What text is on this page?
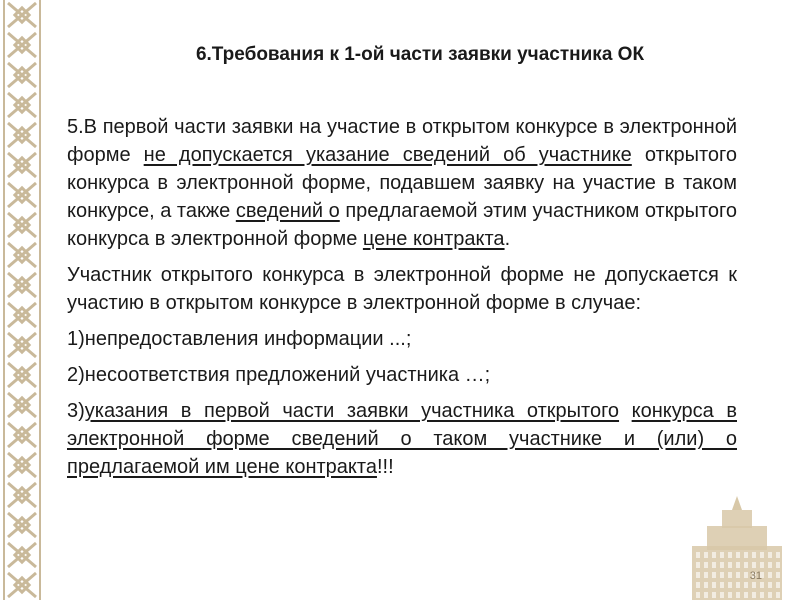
6.Требования к 1-ой части заявки участника ОК

5.В первой части заявки на участие в открытом конкурсе в электронной форме не допускается указание сведений об участнике открытого конкурса в электронной форме, подавшем заявку на участие в таком конкурсе, а также сведений о предлагаемой этим участником открытого конкурса в электронной форме цене контракта.

Участник открытого конкурса в электронной форме не допускается к участию в открытом конкурсе в электронной форме в случае:

1)непредоставления информации ...;

2)несоответствия предложений участника …;

3)указания в первой части заявки участника открытого конкурса в электронной форме сведений о таком участнике и (или) о предлагаемой им цене контракта!!!

31
